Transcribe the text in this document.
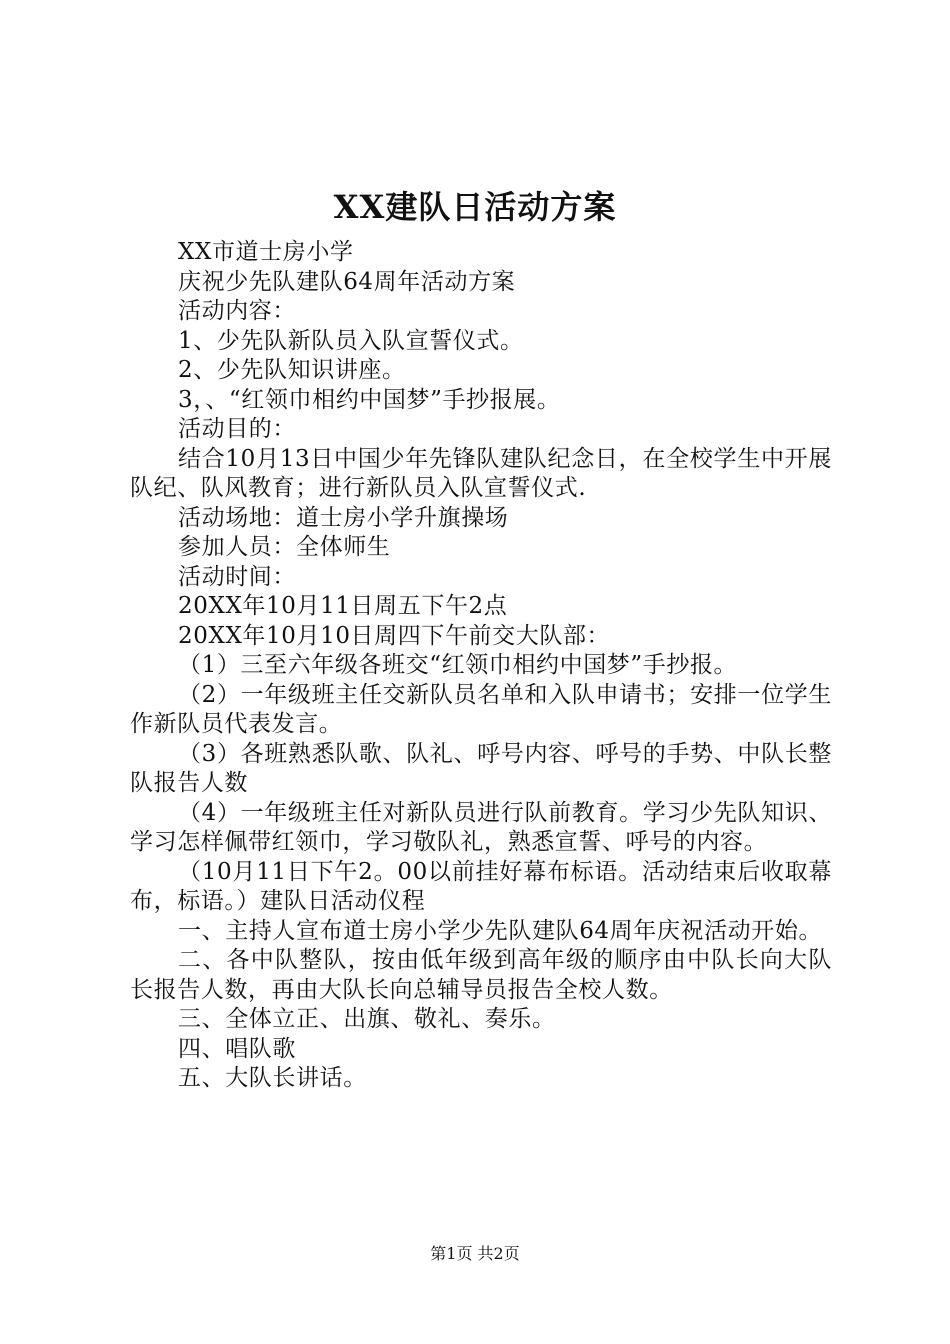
XX建队日活动方案

XX市道士房小学

庆祝少先队建队64周年活动方案

活动内容：

1、少先队新队员入队宣誓仪式。

2、少先队知识讲座。

3，、“红领巾相约中国梦”手抄报展。

活动目的：

结合10月13日中国少年先锋队建队纪念日，在全校学生中开展队纪、队风教育；进行新队员入队宣誓仪式.

活动场地：道士房小学升旗操场

参加人员：全体师生

活动时间：

20XX年10月11日周五下午2点

20XX年10月10日周四下午前交大队部：

（1）三至六年级各班交“红领巾相约中国梦”手抄报。

（2）一年级班主任交新队员名单和入队申请书；安排一位学生作新队员代表发言。

（3）各班熟悉队歌、队礼、呼号内容、呼号的手势、中队长整队报告人数

（4）一年级班主任对新队员进行队前教育。学习少先队知识、学习怎样佩带红领巾，学习敬队礼，熟悉宣誓、呼号的内容。

（10月11日下午2。00以前挂好幕布标语。活动结束后收取幕布，标语。）建队日活动仪程

一、主持人宣布道士房小学少先队建队64周年庆祝活动开始。

二、各中队整队，按由低年级到高年级的顺序由中队长向大队长报告人数，再由大队长向总辅导员报告全校人数。

三、全体立正、出旗、敬礼、奏乐。

四、唱队歌

五、大队长讲话。

第1页 共2页
